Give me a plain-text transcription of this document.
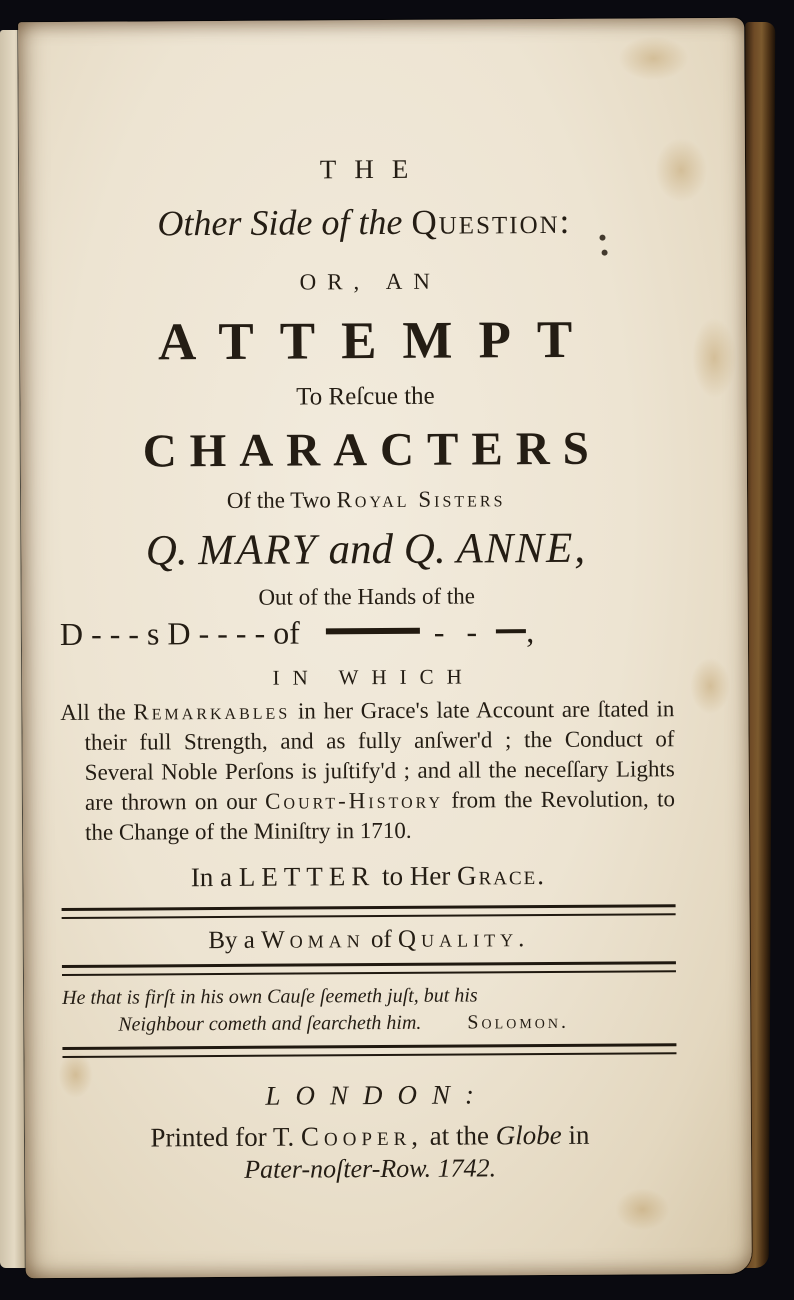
THE
Other Side of the Question:
OR, AN
ATTEMPT
To Reſcue the
CHARACTERS
Of the Two Royal Sisters
Q. MARY and Q. ANNE,
Out of the Hands of the
D - - - s D - - - - of	- - ,
IN WHICH
All the Remarkables in her Grace's late Account are ſtated in their full Strength, and as fully anſwer'd ; the Conduct of Several Noble Perſons is juſtify'd ; and all the neceſſary Lights are thrown on our Court-History from the Revolution, to the Change of the Miniſtry in 1710.
In a LETTER to Her Grace.
By a Woman of Quality.
He that is firſt in his own Cauſe ſeemeth juſt, but his
Neighbour cometh and ſearcheth him. Solomon.
LONDON:
Printed for T. Cooper, at the Globe in
Pater-noſter-Row. 1742.
